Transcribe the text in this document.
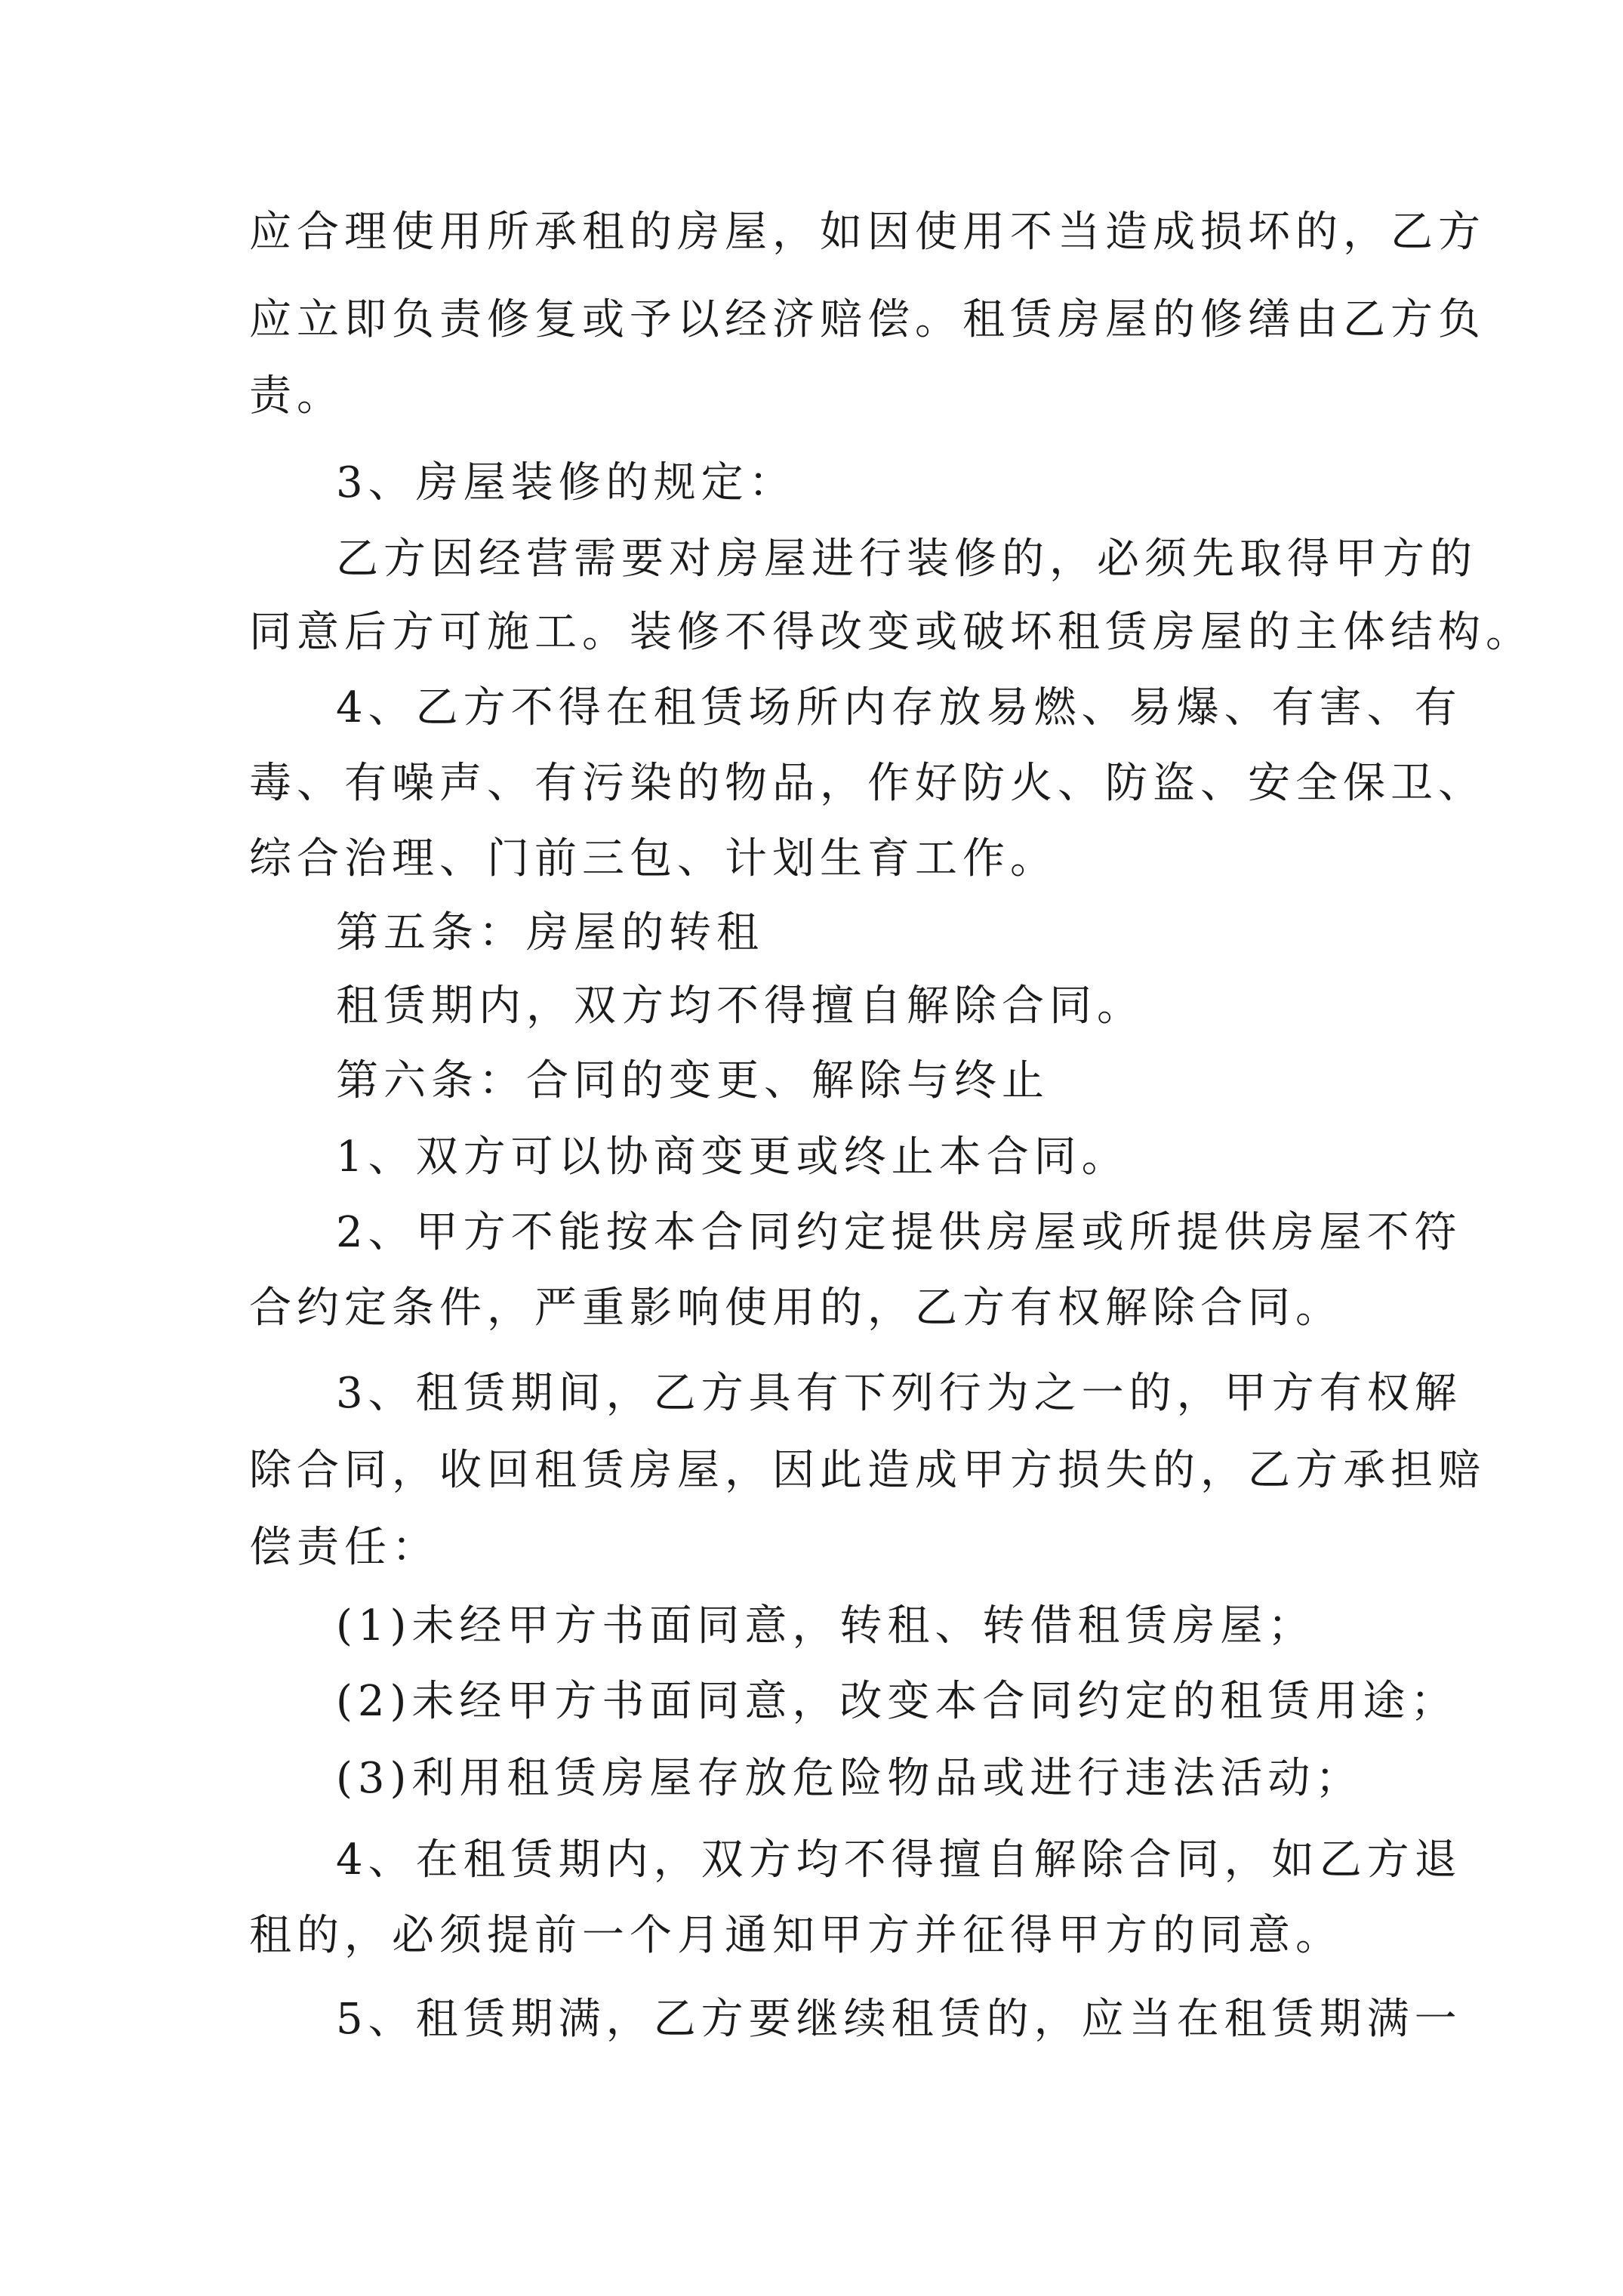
应合理使用所承租的房屋，如因使用不当造成损坏的，乙方
应立即负责修复或予以经济赔偿。租赁房屋的修缮由乙方负
责。
3、房屋装修的规定：
乙方因经营需要对房屋进行装修的，必须先取得甲方的
同意后方可施工。装修不得改变或破坏租赁房屋的主体结构。
4、乙方不得在租赁场所内存放易燃、易爆、有害、有
毒、有噪声、有污染的物品，作好防火、防盗、安全保卫、
综合治理、门前三包、计划生育工作。
第五条：房屋的转租
租赁期内，双方均不得擅自解除合同。
第六条：合同的变更、解除与终止
1、双方可以协商变更或终止本合同。
2、甲方不能按本合同约定提供房屋或所提供房屋不符
合约定条件，严重影响使用的，乙方有权解除合同。
3、租赁期间，乙方具有下列行为之一的，甲方有权解
除合同，收回租赁房屋，因此造成甲方损失的，乙方承担赔
偿责任：
(1)未经甲方书面同意，转租、转借租赁房屋；
(2)未经甲方书面同意，改变本合同约定的租赁用途；
(3)利用租赁房屋存放危险物品或进行违法活动；
4、在租赁期内，双方均不得擅自解除合同，如乙方退
租的，必须提前一个月通知甲方并征得甲方的同意。
5、租赁期满，乙方要继续租赁的，应当在租赁期满一
